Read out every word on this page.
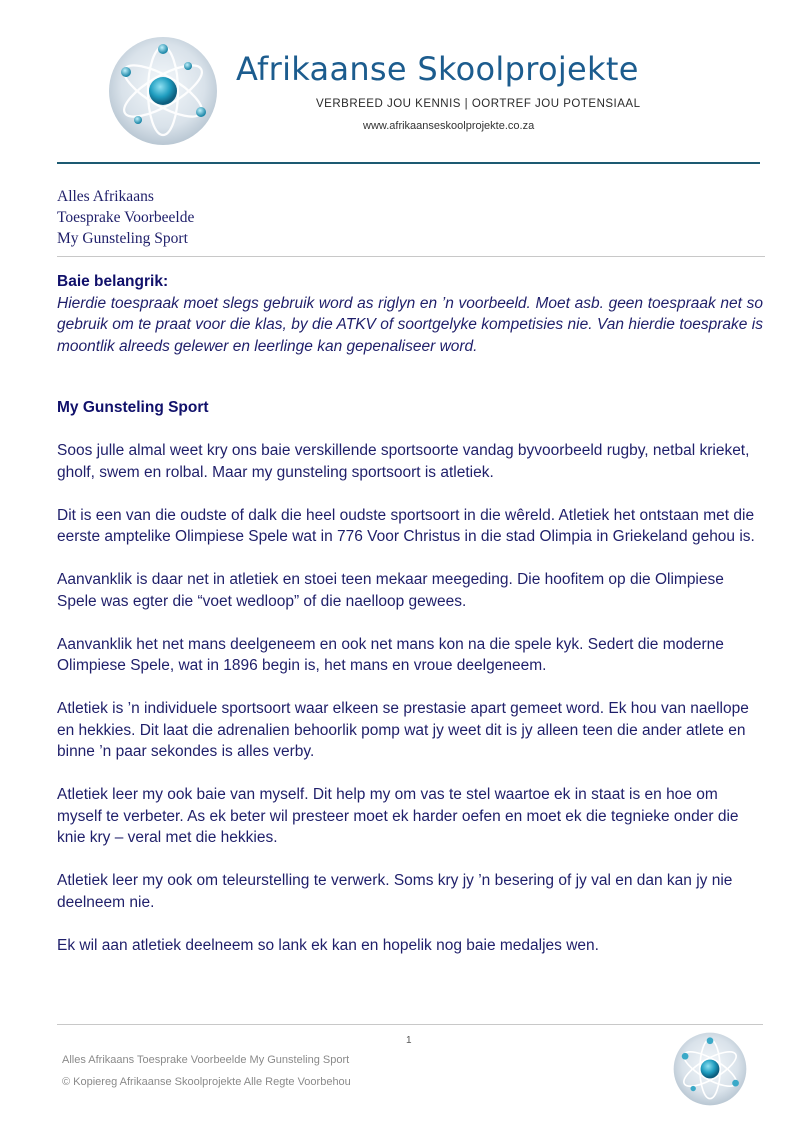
Afrikaanse Skoolprojekte
VERBREED JOU KENNIS | OORTREF JOU POTENSIAAL
www.afrikaanseskoolprojekte.co.za
Alles Afrikaans
Toesprake Voorbeelde
My Gunsteling Sport

Baie belangrik:

Hierdie toespraak moet slegs gebruik word as riglyn en ’n voorbeeld. Moet asb. geen toespraak net so gebruik om te praat voor die klas, by die ATKV of soortgelyke kompetisies nie. Van hierdie toesprake is moontlik alreeds gelewer en leerlinge kan gepenaliseer word.

My Gunsteling Sport

Soos julle almal weet kry ons baie verskillende sportsoorte vandag byvoorbeeld rugby, netbal krieket, gholf, swem en rolbal. Maar my gunsteling sportsoort is atletiek.

Dit is een van die oudste of dalk die heel oudste sportsoort in die wêreld. Atletiek het ontstaan met die eerste amptelike Olimpiese Spele wat in 776 Voor Christus in die stad Olimpia in Griekeland gehou is.

Aanvanklik is daar net in atletiek en stoei teen mekaar meegeding. Die hoofitem op die Olimpiese Spele was egter die “voet wedloop” of die naelloop gewees.

Aanvanklik het net mans deelgeneem en ook net mans kon na die spele kyk. Sedert die moderne Olimpiese Spele, wat in 1896 begin is, het mans en vroue deelgeneem.

Atletiek is ’n individuele sportsoort waar elkeen se prestasie apart gemeet word. Ek hou van naellope en hekkies. Dit laat die adrenalien behoorlik pomp wat jy weet dit is jy alleen teen die ander atlete en binne ’n paar sekondes is alles verby.

Atletiek leer my ook baie van myself. Dit help my om vas te stel waartoe ek in staat is en hoe om myself te verbeter. As ek beter wil presteer moet ek harder oefen en moet ek die tegnieke onder die knie kry – veral met die hekkies.

Atletiek leer my ook om teleurstelling te verwerk. Soms kry jy ’n besering of jy val en dan kan jy nie deelneem nie.

Ek wil aan atletiek deelneem so lank ek kan en hopelik nog baie medaljes wen.

1
Alles Afrikaans Toesprake Voorbeelde My Gunsteling Sport
© Kopiereg Afrikaanse Skoolprojekte Alle Regte Voorbehou
